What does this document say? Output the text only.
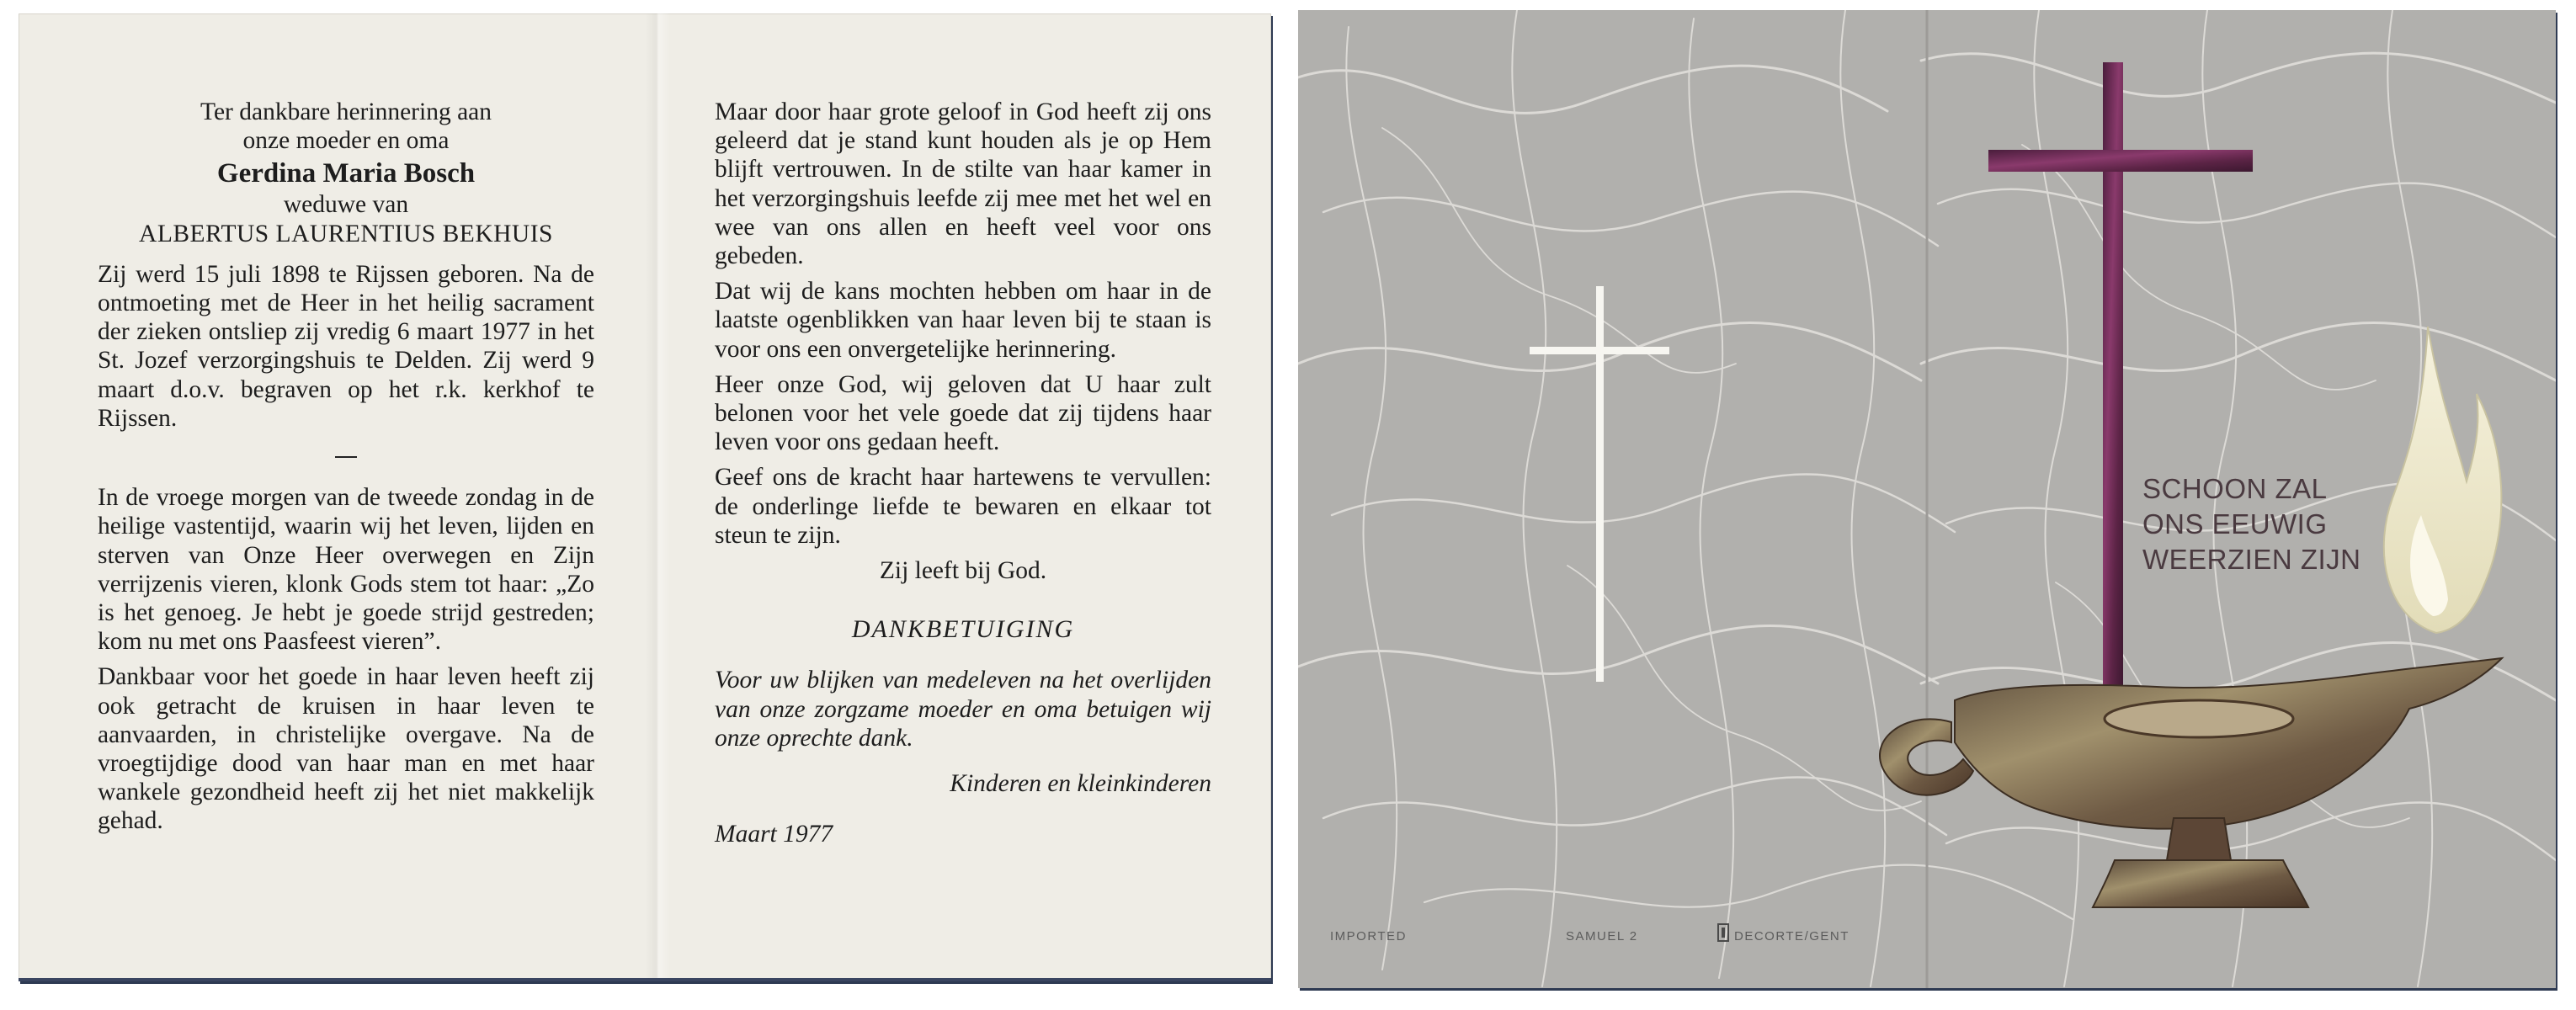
Ter dankbare herinnering aan
onze moeder en oma
Gerdina Maria Bosch
weduwe van
ALBERTUS LAURENTIUS BEKHUIS

Zij werd 15 juli 1898 te Rijssen geboren. Na de ontmoeting met de Heer in het heilig sacrament der zieken ontsliep zij vredig 6 maart 1977 in het St. Jozef verzorgingshuis te Delden. Zij werd 9 maart d.o.v. begraven op het r.k. kerkhof te Rijssen.

In de vroege morgen van de tweede zondag in de heilige vastentijd, waarin wij het leven, lijden en sterven van Onze Heer overwegen en Zijn verrijzenis vieren, klonk Gods stem tot haar: „Zo is het genoeg. Je hebt je goede strijd gestreden; kom nu met ons Paasfeest vieren”.

Dankbaar voor het goede in haar leven heeft zij ook getracht de kruisen in haar leven te aanvaarden, in christelijke overgave. Na de vroegtijdige dood van haar man en met haar wankele gezondheid heeft zij het niet makkelijk gehad.

Maar door haar grote geloof in God heeft zij ons geleerd dat je stand kunt houden als je op Hem blijft vertrouwen. In de stilte van haar kamer in het verzorgingshuis leefde zij mee met het wel en wee van ons allen en heeft veel voor ons gebeden.

Dat wij de kans mochten hebben om haar in de laatste ogenblikken van haar leven bij te staan is voor ons een onvergetelijke herinnering.

Heer onze God, wij geloven dat U haar zult belonen voor het vele goede dat zij tijdens haar leven voor ons gedaan heeft.

Geef ons de kracht haar hartewens te vervullen: de onderlinge liefde te bewaren en elkaar tot steun te zijn.

Zij leeft bij God.
DANKBETUIGING

Voor uw blijken van medeleven na het overlijden van onze zorgzame moeder en oma betuigen wij onze oprechte dank.

Kinderen en kleinkinderen
Maart 1977
SCHOON ZAL
ONS EEUWIG
WEERZIEN ZIJN
IMPORTED	SAMUEL 2	DECORTE/GENT
